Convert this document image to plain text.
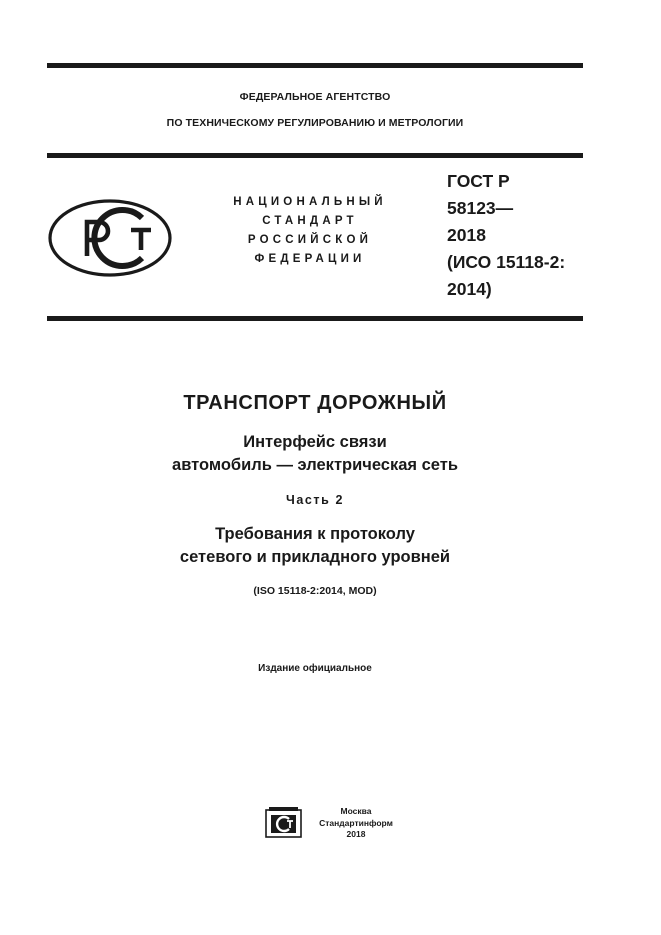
ФЕДЕРАЛЬНОЕ АГЕНТСТВО
ПО ТЕХНИЧЕСКОМУ РЕГУЛИРОВАНИЮ И МЕТРОЛОГИИ
НАЦИОНАЛЬНЫЙ
СТАНДАРТ
РОССИЙСКОЙ
ФЕДЕРАЦИИ
ГОСТ Р
58123—
2018
(ИСО 15118-2:
2014)
ТРАНСПОРТ ДОРОЖНЫЙ
Интерфейс связи
автомобиль — электрическая сеть
Часть 2
Требования к протоколу
сетевого и прикладного уровней
(ISO 15118-2:2014, MOD)
Издание официальное
Москва
Стандартинформ
2018
